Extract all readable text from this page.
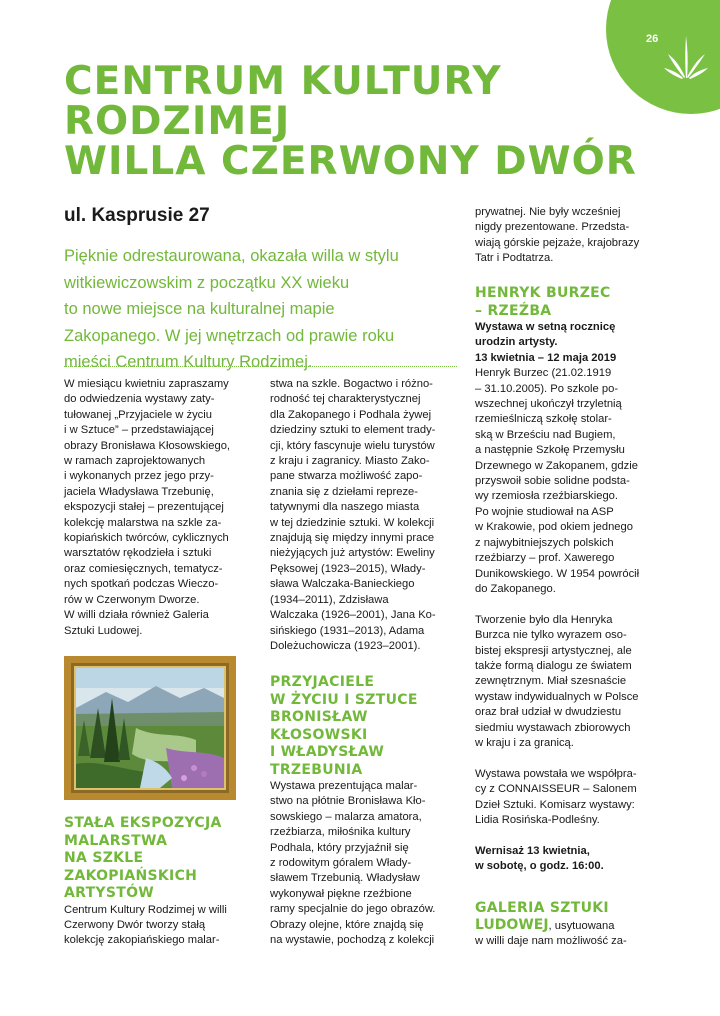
26
CENTRUM KULTURY
RODZIMEJ
WILLA CZERWONY DWÓR
ul. Kasprusie 27
Pięknie odrestaurowana, okazała willa w stylu
witkiewiczowskim z początku XX wieku
to nowe miejsce na kulturalnej mapie
Zakopanego. W jej wnętrzach od prawie roku
mieści Centrum Kultury Rodzimej.

W miesiącu kwietniu zapraszamy
do odwiedzenia wystawy zaty-
tułowanej „Przyjaciele w życiu
i w Sztuce” – przedstawiającej
obrazy Bronisława Kłosowskiego,
w ramach zaprojektowanych
i wykonanych przez jego przy-
jaciela Władysława Trzebunię,
ekspozycji stałej – prezentującej
kolekcję malarstwa na szkle za-
kopiańskich twórców, cyklicznych
warsztatów rękodzieła i sztuki
oraz comiesięcznych, tematycz-
nych spotkań podczas Wieczo-
rów w Czerwonym Dworze.
W willi działa również Galeria
Sztuki Ludowej.

STAŁA EKSPOZYCJA
MALARSTWA
NA SZKLE
ZAKOPIAŃSKICH
ARTYSTÓW

Centrum Kultury Rodzimej w willi
Czerwony Dwór tworzy stałą
kolekcję zakopiańskiego malar-

stwa na szkle. Bogactwo i różno-
rodność tej charakterystycznej
dla Zakopanego i Podhala żywej
dziedziny sztuki to element trady-
cji, który fascynuje wielu turystów
z kraju i zagranicy. Miasto Zako-
pane stwarza możliwość zapo-
znania się z dziełami repreze-
tatywnymi dla naszego miasta
w tej dziedzinie sztuki. W kolekcji
znajdują się między innymi prace
nieżyjących już artystów: Eweliny
Pęksowej (1923–2015), Włady-
sława Walczaka-Banieckiego
(1934–2011), Zdzisława
Walczaka (1926–2001), Jana Ko-
sińskiego (1931–2013), Adama
Doleżuchowicza (1923–2001).

PRZYJACIELE
W ŻYCIU I SZTUCE
BRONISŁAW
KŁOSOWSKI
I WŁADYSŁAW
TRZEBUNIA

Wystawa prezentująca malar-
stwo na płótnie Bronisława Kło-
sowskiego – malarza amatora,
rzeźbiarza, miłośnika kultury
Podhala, który przyjaźnił się
z rodowitym góralem Włady-
sławem Trzebunią. Władysław
wykonywał piękne rzeźbione
ramy specjalnie do jego obrazów.
Obrazy olejne, które znajdą się
na wystawie, pochodzą z kolekcji

prywatnej. Nie były wcześniej
nigdy prezentowane. Przedsta-
wiają górskie pejzaże, krajobrazy
Tatr i Podtatrza.

HENRYK BURZEC
– RZEŹBA

Wystawa w setną rocznicę
urodzin artysty.
13 kwietnia – 12 maja 2019
Henryk Burzec (21.02.1919
– 31.10.2005). Po szkole po-
wszechnej ukończył trzyletnią
rzemieślniczą szkołę stolar-
ską w Brześciu nad Bugiem,
a następnie Szkołę Przemysłu
Drzewnego w Zakopanem, gdzie
przyswoił sobie solidne podsta-
wy rzemiosła rzeźbiarskiego.
Po wojnie studiował na ASP
w Krakowie, pod okiem jednego
z najwybitniejszych polskich
rzeźbiarzy – prof. Xawerego
Dunikowskiego. W 1954 powrócił
do Zakopanego.

Tworzenie było dla Henryka
Burzca nie tylko wyrazem oso-
bistej ekspresji artystycznej, ale
także formą dialogu ze światem
zewnętrznym. Miał szesnaście
wystaw indywidualnych w Polsce
oraz brał udział w dwudziestu
siedmiu wystawach zbiorowych
w kraju i za granicą.

Wystawa powstała we współpra-
cy z CONNAISSEUR – Salonem
Dzieł Sztuki. Komisarz wystawy:
Lidia Rosińska-Podleśny.

Wernisaż 13 kwietnia,
w sobotę, o godz. 16:00.

GALERIA SZTUKI

LUDOWEJ, usytuowana
w willi daje nam możliwość za-
